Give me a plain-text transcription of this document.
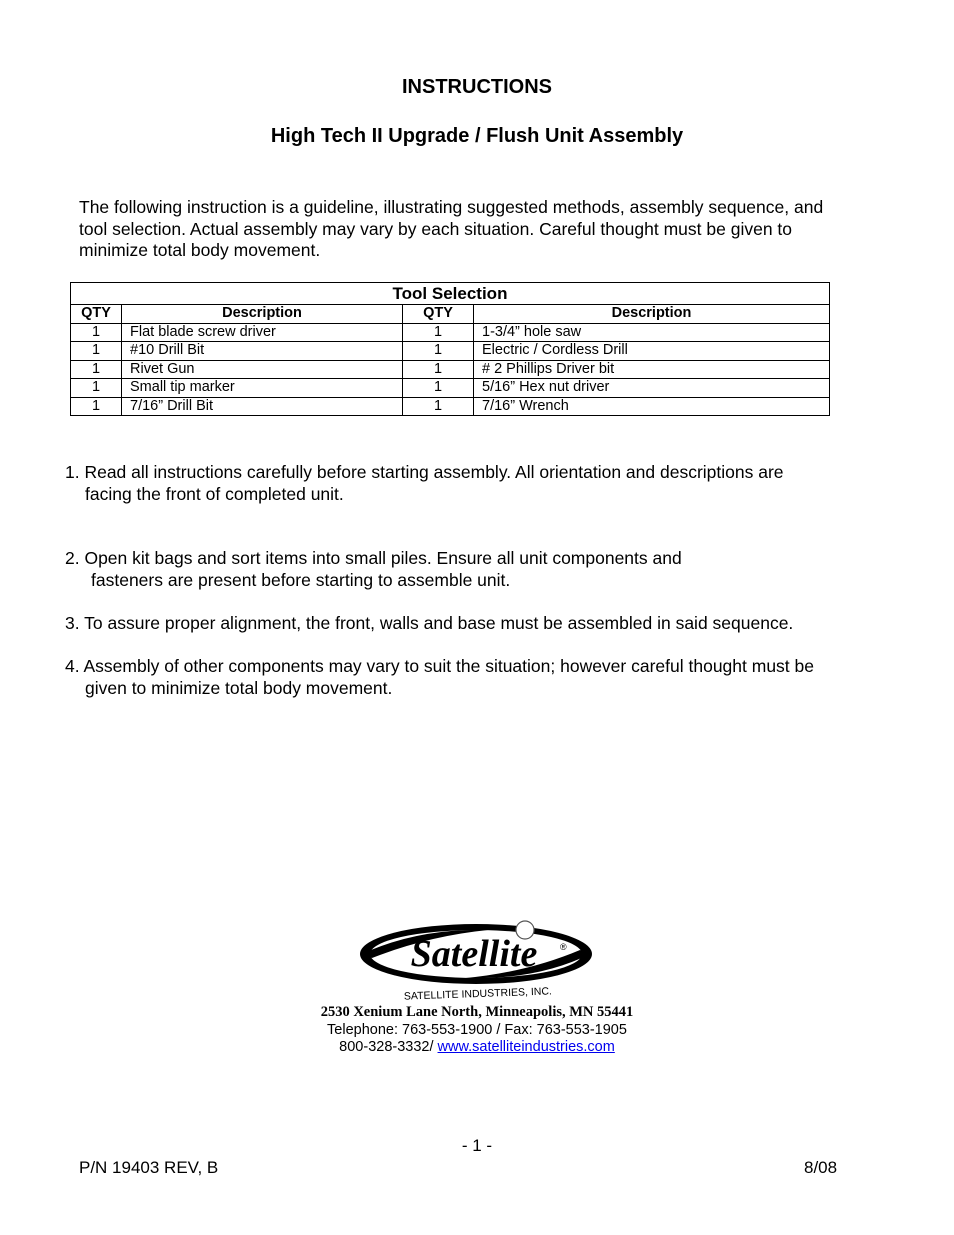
INSTRUCTIONS
High Tech II Upgrade / Flush Unit Assembly
The following instruction is a guideline, illustrating suggested methods, assembly sequence, and
tool selection. Actual assembly may vary by each situation. Careful thought must be given to
minimize total body movement.
Tool Selection			
QTY	Description	QTY	Description
1	Flat blade screw driver	1	1-3/4” hole saw
1	#10 Drill Bit	1	Electric / Cordless Drill
1	Rivet Gun	1	# 2 Phillips Driver bit
1	Small tip marker	1	5/16” Hex nut driver
1	7/16” Drill Bit	1	7/16” Wrench
1. Read all instructions carefully before starting assembly. All orientation and descriptions are
facing the front of completed unit.
2. Open kit bags and sort items into small piles. Ensure all unit components and
fasteners are present before starting to assemble unit.
3. To assure proper alignment, the front, walls and base must be assembled in said sequence.
4. Assembly of other components may vary to suit the situation; however careful thought must be
given to minimize total body movement.
Satellite	®
SATELLITE INDUSTRIES, INC.
2530 Xenium Lane North, Minneapolis, MN 55441
Telephone: 763-553-1900 / Fax: 763-553-1905
800-328-3332/ www.satelliteindustries.com
- 1 -
P/N 19403 REV, B	8/08
